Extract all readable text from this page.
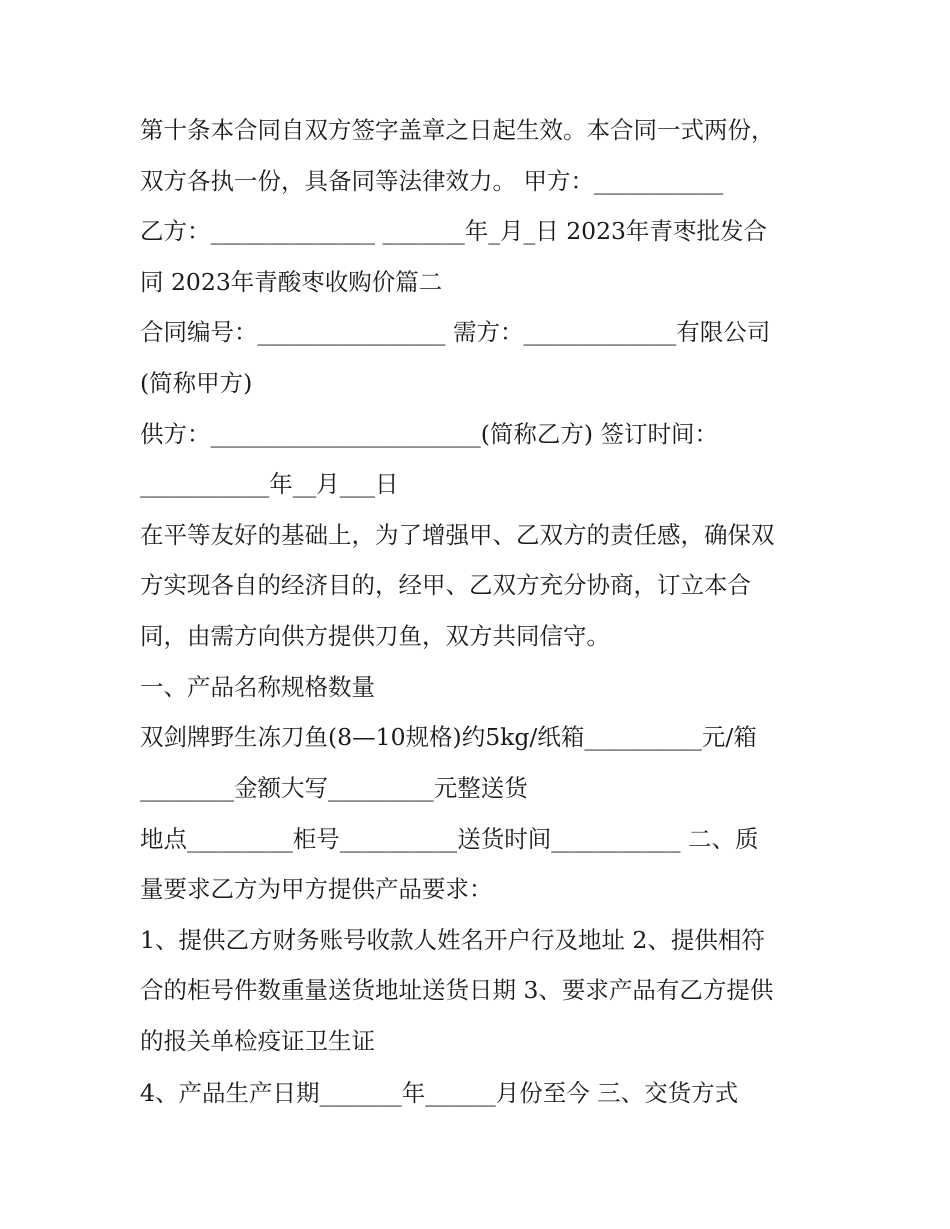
第十条本合同自双方签字盖章之日起生效。本合同一式两份，
双方各执一份，具备同等法律效力。 甲方：___________
乙方：______________ _______年_月_日 2023年青枣批发合
同 2023年青酸枣收购价篇二
合同编号：________________ 需方：_____________有限公司
(简称甲方)
供方：_______________________(简称乙方) 签订时间：
___________年__月___日
在平等友好的基础上，为了增强甲、乙双方的责任感，确保双
方实现各自的经济目的，经甲、乙双方充分协商，订立本合
同，由需方向供方提供刀鱼，双方共同信守。
一、产品名称规格数量
双剑牌野生冻刀鱼(8—10规格)约5kg/纸箱__________元/箱
________金额大写_________元整送货
地点_________柜号__________送货时间___________ 二、质
量要求乙方为甲方提供产品要求：
1、提供乙方财务账号收款人姓名开户行及地址 2、提供相符
合的柜号件数重量送货地址送货日期 3、要求产品有乙方提供
的报关单检疫证卫生证
4、产品生产日期_______年______月份至今 三、交货方式
